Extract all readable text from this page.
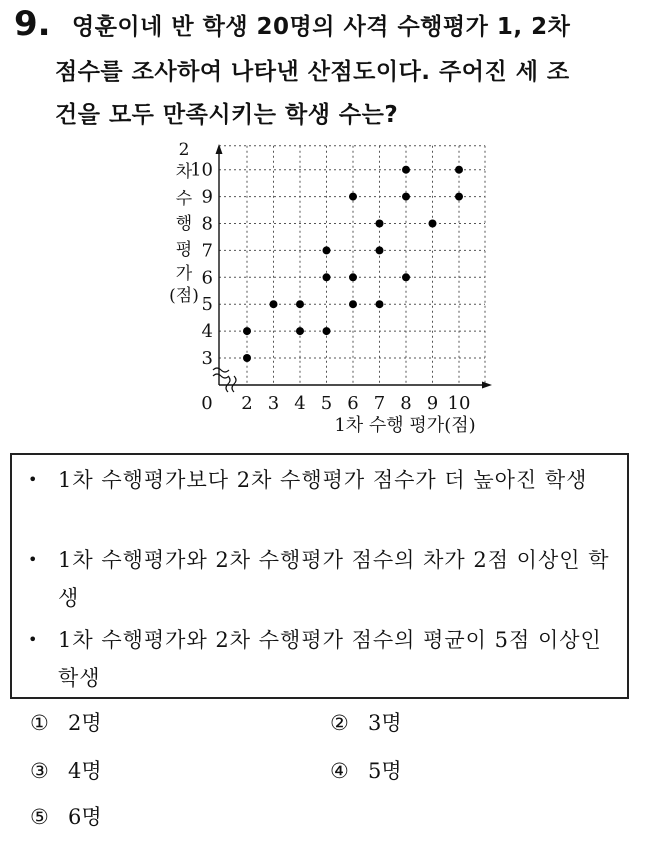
9. 영훈이네 반 학생 20명의 사격 수행평가 1, 2차
점수를 조사하여 나타낸 산점도이다. 주어진 세 조
건을 모두 만족시키는 학생 수는?
2 3 4 5 6 7 8 9 10
3
4
5
6
7
8
9
10
0
2
차
수
행
평
가
(점)
1차 수행 평가(점)
• 1차 수행평가보다 2차 수행평가 점수가 더 높아진 학생
• 1차 수행평가와 2차 수행평가 점수의 차가 2점 이상인 학생
• 1차 수행평가와 2차 수행평가 점수의 평균이 5점 이상인 학생
① 2명	② 3명
③ 4명	④ 5명
⑤ 6명
